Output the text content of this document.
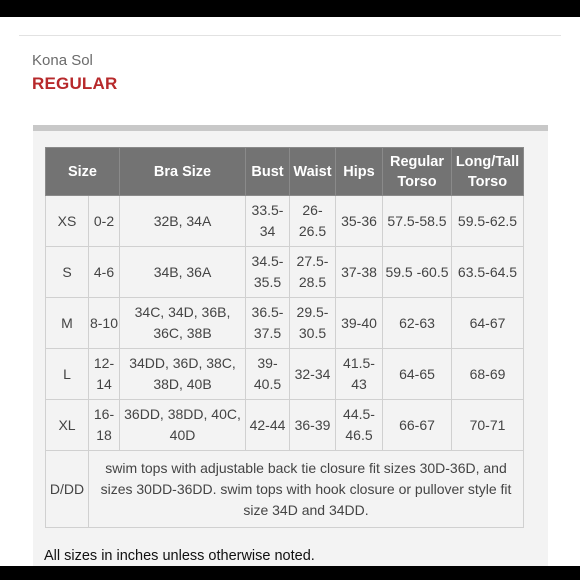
Kona Sol
REGULAR
Size		Bra Size	Bust	Waist	Hips	Regular Torso	Long/Tall Torso
XS	0-2	32B, 34A	33.5-34	26-26.5	35-36	57.5-58.5	59.5-62.5
S	4-6	34B, 36A	34.5-35.5	27.5-28.5	37-38	59.5 -60.5	63.5-64.5
M	8-10	34C, 34D, 36B, 36C, 38B	36.5-37.5	29.5-30.5	39-40	62-63	64-67
L	12-14	34DD, 36D, 38C, 38D, 40B	39-40.5	32-34	41.5-43	64-65	68-69
XL	16-18	36DD, 38DD, 40C, 40D	42-44	36-39	44.5-46.5	66-67	70-71
D/DD	swim tops with adjustable back tie closure fit sizes 30D-36D, and sizes 30DD-36DD. swim tops with hook closure or pullover style fit size 34D and 34DD.						
All sizes in inches unless otherwise noted.
